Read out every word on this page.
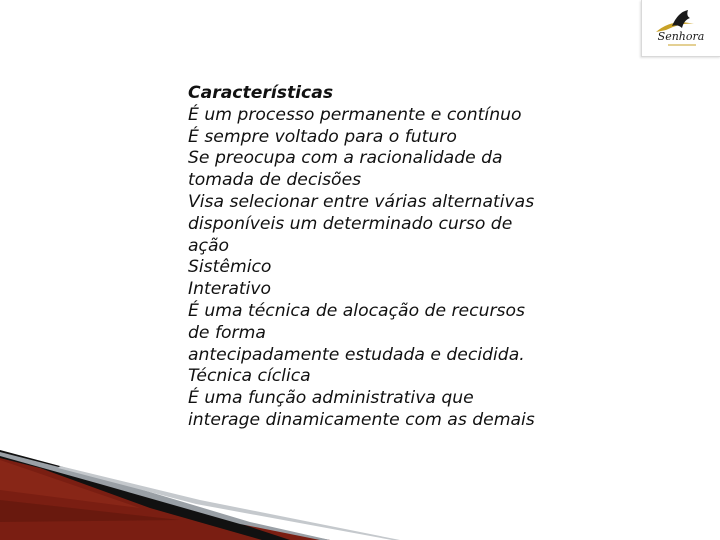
Senhora
Características
É um processo permanente e contínuo
É sempre voltado para o futuro
Se preocupa com a racionalidade da
tomada de decisões
Visa selecionar entre várias alternativas
disponíveis um determinado curso de
ação
Sistêmico
Interativo
É uma técnica de alocação de recursos
de forma
antecipadamente estudada e decidida.
Técnica cíclica
É uma função administrativa que
interage dinamicamente com as demais
